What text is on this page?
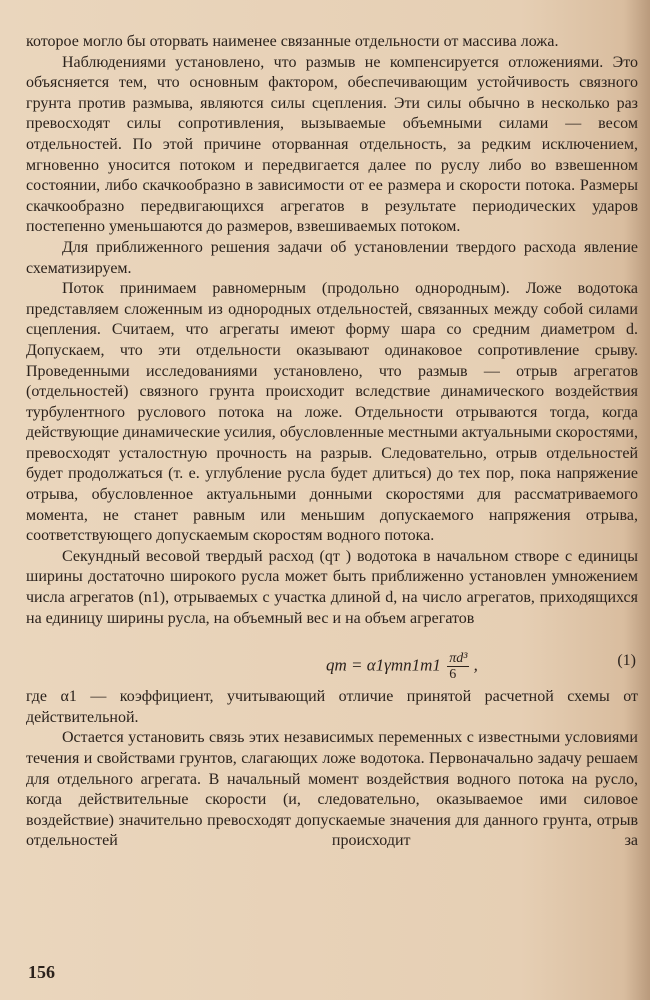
которое могло бы оторвать наименее связанные отдельности от массива ложа.

Наблюдениями установлено, что размыв не компенсируется отложениями. Это объясняется тем, что основным фактором, обеспечивающим устойчивость связного грунта против размыва, являются силы сцепления. Эти силы обычно в несколько раз превосходят силы сопротивления, вызываемые объемными силами — весом отдельностей. По этой причине оторванная отдельность, за редким исключением, мгновенно уносится потоком и передвигается далее по руслу либо во взвешенном состоянии, либо скачкообразно в зависимости от ее размера и скорости потока. Размеры скачкообразно передвигающихся агрегатов в результате периодических ударов постепенно уменьшаются до размеров, взвешиваемых потоком.

Для приближенного решения задачи об установлении твердого расхода явление схематизируем.

Поток принимаем равномерным (продольно однородным). Ложе водотока представляем сложенным из однородных отдельностей, связанных между собой силами сцепления. Считаем, что агрегаты имеют форму шара со средним диаметром d. Допускаем, что эти отдельности оказывают одинаковое сопротивление срыву. Проведенными исследованиями установлено, что размыв — отрыв агрегатов (отдельностей) связного грунта происходит вследствие динамического воздействия турбулентного руслового потока на ложе. Отдельности отрываются тогда, когда действующие динамические усилия, обусловленные местными актуальными скоростями, превосходят усталостную прочность на разрыв. Следовательно, отрыв отдельностей будет продолжаться (т. е. углубление русла будет длиться) до тех пор, пока напряжение отрыва, обусловленное актуальными донными скоростями для рассматриваемого момента, не станет равным или меньшим допускаемого напряжения отрыва, соответствующего допускаемым скоростям водного потока.

Секундный весовой твердый расход (qт ) водотока в начальном створе с единицы ширины достаточно широкого русла может быть приближенно установлен умножением числа агрегатов (n1), отрываемых с участка длиной d, на число агрегатов, приходящихся на единицу ширины русла, на объемный вес и на объем агрегатов

qт = $\alpha 1\gamma тn1m1 \frac{\text{πd³}}{6}$ ,	(1)

где α1 — коэффициент, учитывающий отличие принятой расчетной схемы от действительной.

Остается установить связь этих независимых переменных с известными условиями течения и свойствами грунтов, слагающих ложе водотока. Первоначально задачу решаем для отдельного агрегата. В начальный момент воздействия водного потока на русло, когда действительные скорости (и, следовательно, оказываемое ими силовое воздействие) значительно превосходят допускаемые значения для данного грунта, отрыв отдельностей происходит за

156
